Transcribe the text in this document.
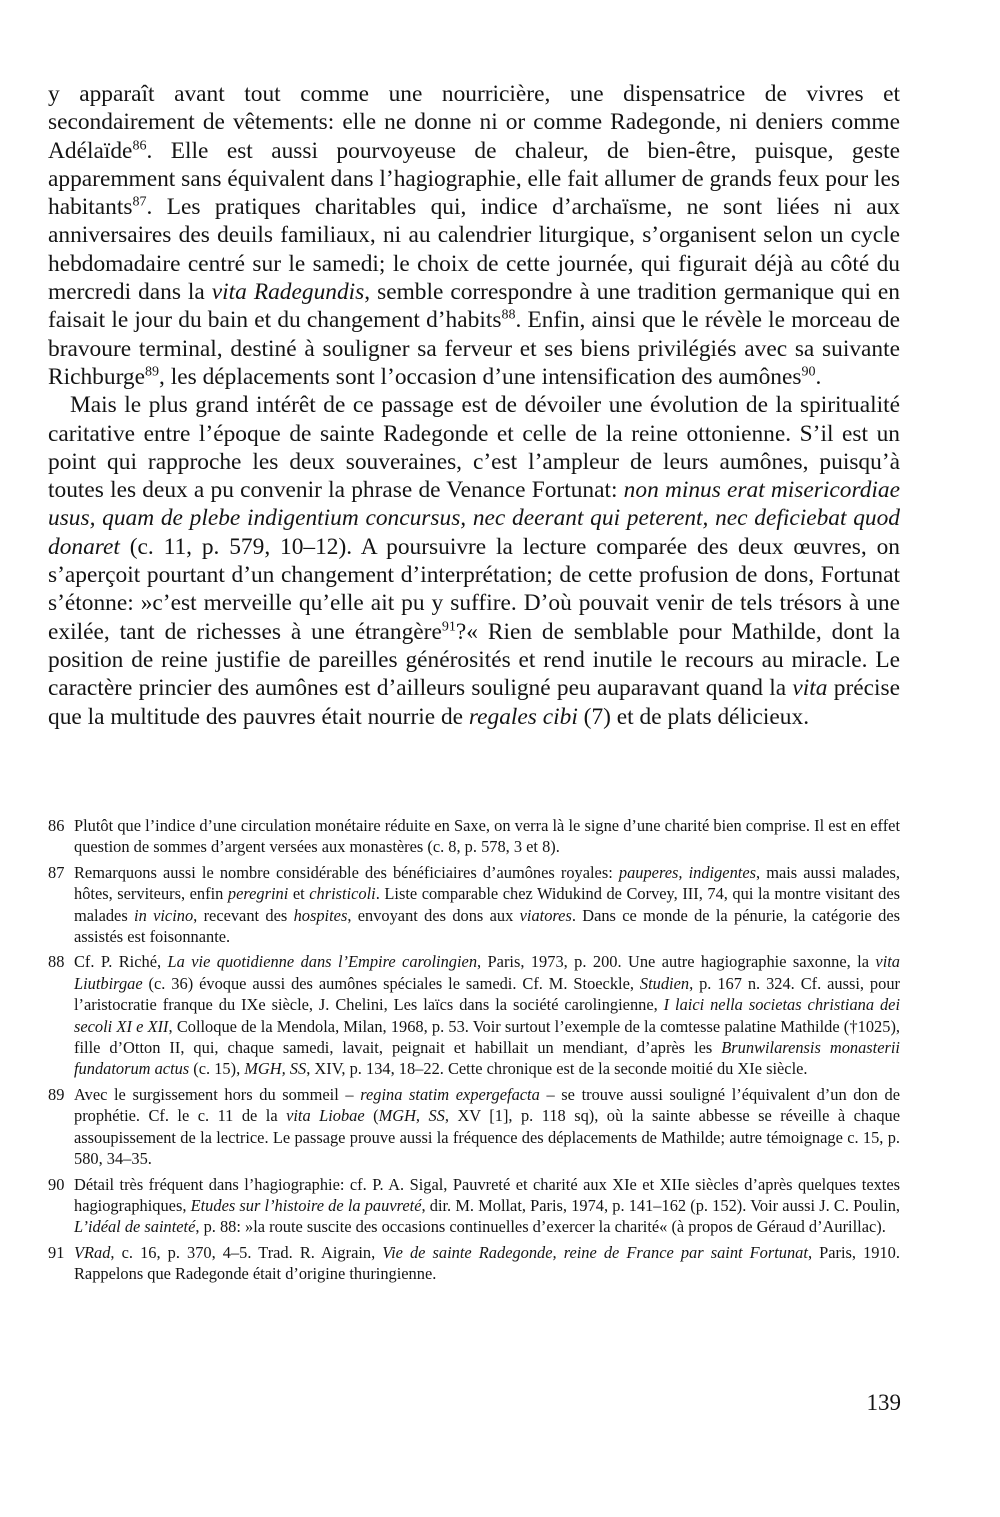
y apparaît avant tout comme une nourricière, une dispensatrice de vivres et secondairement de vêtements: elle ne donne ni or comme Radegonde, ni deniers comme Adélaïde$^{86}$. Elle est aussi pourvoyeuse de chaleur, de bien-être, puisque, geste apparemment sans équivalent dans l’hagiographie, elle fait allumer de grands feux pour les habitants$^{87}$. Les pratiques charitables qui, indice d’archaïsme, ne sont liées ni aux anniversaires des deuils familiaux, ni au calendrier liturgique, s’organisent selon un cycle hebdomadaire centré sur le samedi; le choix de cette journée, qui figurait déjà au côté du mercredi dans la vita Radegundis, semble correspondre à une tradition germanique qui en faisait le jour du bain et du changement d’habits$^{88}$. Enfin, ainsi que le révèle le morceau de bravoure terminal, destiné à souligner sa ferveur et ses biens privilégiés avec sa suivante Richburge$^{89}$, les déplacements sont l’occasion d’une intensification des aumônes$^{90}$.

Mais le plus grand intérêt de ce passage est de dévoiler une évolution de la spiritualité caritative entre l’époque de sainte Radegonde et celle de la reine ottonienne. S’il est un point qui rapproche les deux souveraines, c’est l’ampleur de leurs aumônes, puisqu’à toutes les deux a pu convenir la phrase de Venance Fortunat: non minus erat misericordiae usus, quam de plebe indigentium concursus, nec deerant qui peterent, nec deficiebat quod donaret (c. 11, p. 579, 10–12). A poursuivre la lecture comparée des deux œuvres, on s’aperçoit pourtant d’un changement d’interprétation; de cette profusion de dons, Fortunat s’étonne: »c’est merveille qu’elle ait pu y suffire. D’où pouvait venir de tels trésors à une exilée, tant de richesses à une étrangère$^{91}$?« Rien de semblable pour Mathilde, dont la position de reine justifie de pareilles générosités et rend inutile le recours au miracle. Le caractère princier des aumônes est d’ailleurs souligné peu auparavant quand la vita précise que la multitude des pauvres était nourrie de regales cibi (7) et de plats délicieux.

86 Plutôt que l’indice d’une circulation monétaire réduite en Saxe, on verra là le signe d’une charité bien comprise. Il est en effet question de sommes d’argent versées aux monastères (c. 8, p. 578, 3 et 8).
87 Remarquons aussi le nombre considérable des bénéficiaires d’aumônes royales: pauperes, indigentes, mais aussi malades, hôtes, serviteurs, enfin peregrini et christicoli. Liste comparable chez Widukind de Corvey, III, 74, qui la montre visitant des malades in vicino, recevant des hospites, envoyant des dons aux viatores. Dans ce monde de la pénurie, la catégorie des assistés est foisonnante.
88 Cf. P. Riché, La vie quotidienne dans l’Empire carolingien, Paris, 1973, p. 200. Une autre hagiographie saxonne, la vita Liutbirgae (c. 36) évoque aussi des aumônes spéciales le samedi. Cf. M. Stoeckle, Studien, p. 167 n. 324. Cf. aussi, pour l’aristocratie franque du IXe siècle, J. Chelini, Les laïcs dans la société carolingienne, I laici nella societas christiana dei secoli XI e XII, Colloque de la Mendola, Milan, 1968, p. 53. Voir surtout l’exemple de la comtesse palatine Mathilde (†1025), fille d’Otton II, qui, chaque samedi, lavait, peignait et habillait un mendiant, d’après les Brunwilarensis monasterii fundatorum actus (c. 15), MGH, SS, XIV, p. 134, 18–22. Cette chronique est de la seconde moitié du XIe siècle.
89 Avec le surgissement hors du sommeil – regina statim expergefacta – se trouve aussi souligné l’équivalent d’un don de prophétie. Cf. le c. 11 de la vita Liobae (MGH, SS, XV [1], p. 118 sq), où la sainte abbesse se réveille à chaque assoupissement de la lectrice. Le passage prouve aussi la fréquence des déplacements de Mathilde; autre témoignage c. 15, p. 580, 34–35.
90 Détail très fréquent dans l’hagiographie: cf. P. A. Sigal, Pauvreté et charité aux XIe et XIIe siècles d’après quelques textes hagiographiques, Etudes sur l’histoire de la pauvreté, dir. M. Mollat, Paris, 1974, p. 141–162 (p. 152). Voir aussi J. C. Poulin, L’idéal de sainteté, p. 88: »la route suscite des occasions continuelles d’exercer la charité« (à propos de Géraud d’Aurillac).
91 VRad, c. 16, p. 370, 4–5. Trad. R. Aigrain, Vie de sainte Radegonde, reine de France par saint Fortunat, Paris, 1910. Rappelons que Radegonde était d’origine thuringienne.
139
